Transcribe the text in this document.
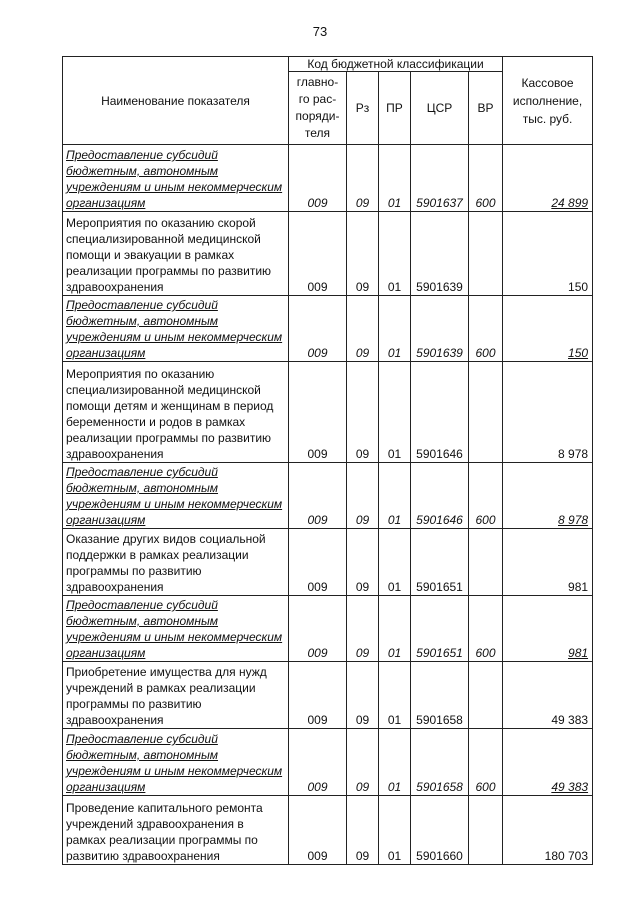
73
Наименование показателя	Код бюджетной классификации					Кассовое исполнение, тыс. руб.
	главно-
го рас-
поряди-
теля	Рз	ПР	ЦСР	ВР	
Предоставление субсидий бюджетным, автономным учреждениям и иным некоммерческим организациям	009	09	01	5901637	600	24 899
Мероприятия по оказанию скорой специализированной медицинской помощи и эвакуации в рамках реализации программы по развитию здравоохранения	009	09	01	5901639		150
Предоставление субсидий бюджетным, автономным учреждениям и иным некоммерческим организациям	009	09	01	5901639	600	150
Мероприятия по оказанию специализированной медицинской помощи детям и женщинам в период беременности и родов в рамках реализации программы по развитию здравоохранения	009	09	01	5901646		8 978
Предоставление субсидий бюджетным, автономным учреждениям и иным некоммерческим организациям	009	09	01	5901646	600	8 978
Оказание других видов социальной поддержки в рамках реализации программы по развитию здравоохранения	009	09	01	5901651		981
Предоставление субсидий бюджетным, автономным учреждениям и иным некоммерческим организациям	009	09	01	5901651	600	981
Приобретение имущества для нужд учреждений в рамках реализации программы по развитию здравоохранения	009	09	01	5901658		49 383
Предоставление субсидий бюджетным, автономным учреждениям и иным некоммерческим организациям	009	09	01	5901658	600	49 383
Проведение капитального ремонта учреждений здравоохранения в рамках реализации программы по развитию здравоохранения	009	09	01	5901660		180 703
